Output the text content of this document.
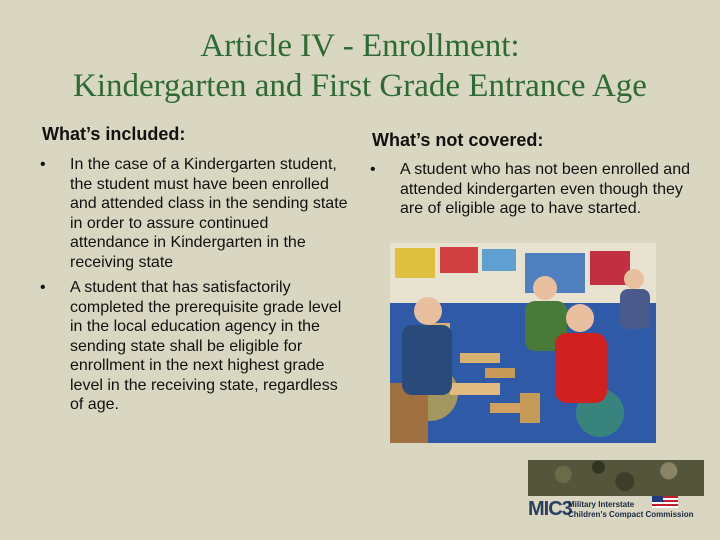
Article IV - Enrollment:
Kindergarten and First Grade Entrance Age
What’s included:
• In the case of a Kindergarten student, the student must have been enrolled and attended class in the sending state in order to assure continued attendance in Kindergarten in the receiving state
• A student that has satisfactorily completed the prerequisite grade level in the local education agency in the sending state shall be eligible for enrollment in the next highest grade level in the receiving state, regardless of age.
What’s not covered:
• A student who has not been enrolled and attended kindergarten even though they are of eligible age to have started.
MIC3
Military Interstate
Children's Compact Commission
